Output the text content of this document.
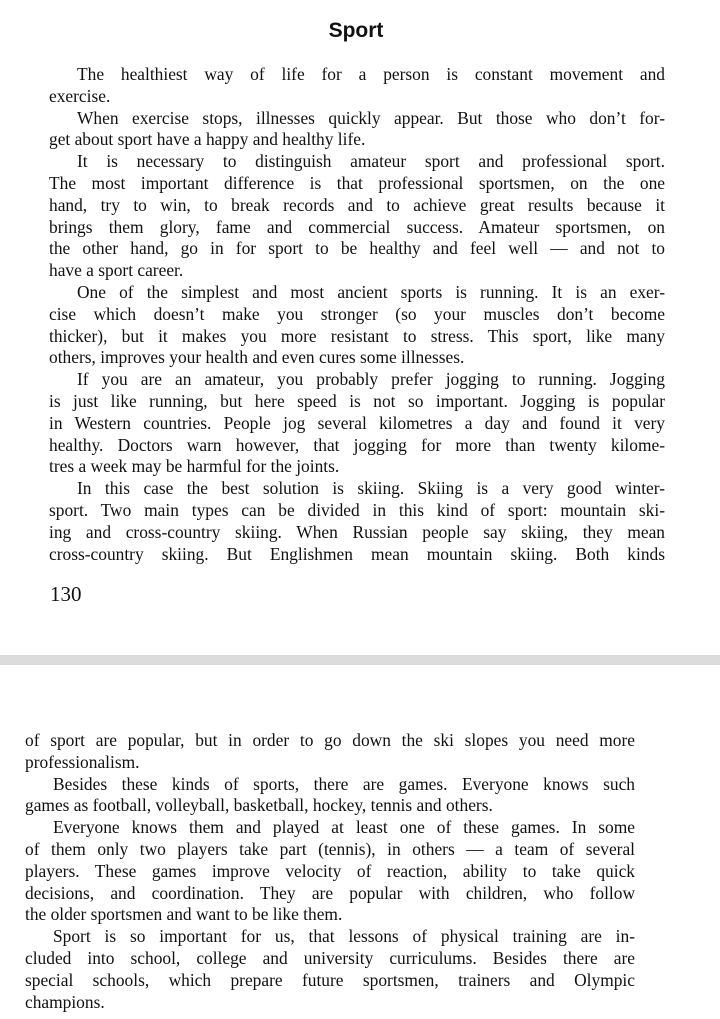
Sport

The healthiest way of life for a person is constant movement and
exercise.

When exercise stops, illnesses quickly appear. But those who don’t for-
get about sport have a happy and healthy life.

It is necessary to distinguish amateur sport and professional sport.
The most important difference is that professional sportsmen, on the one
hand, try to win, to break records and to achieve great results because it
brings them glory, fame and commercial success. Amateur sportsmen, on
the other hand, go in for sport to be healthy and feel well — and not to
have a sport career.

One of the simplest and most ancient sports is running. It is an exer-
cise which doesn’t make you stronger (so your muscles don’t become
thicker), but it makes you more resistant to stress. This sport, like many
others, improves your health and even cures some illnesses.

If you are an amateur, you probably prefer jogging to running. Jogging
is just like running, but here speed is not so important. Jogging is popular
in Western countries. People jog several kilometres a day and found it very
healthy. Doctors warn however, that jogging for more than twenty kilome-
tres a week may be harmful for the joints.

In this case the best solution is skiing. Skiing is a very good winter-
sport. Two main types can be divided in this kind of sport: mountain ski-
ing and cross-country skiing. When Russian people say skiing, they mean
cross-country skiing. But Englishmen mean mountain skiing. Both kinds

130

of sport are popular, but in order to go down the ski slopes you need more
professionalism.

Besides these kinds of sports, there are games. Everyone knows such
games as football, volleyball, basketball, hockey, tennis and others.

Everyone knows them and played at least one of these games. In some
of them only two players take part (tennis), in others — a team of several
players. These games improve velocity of reaction, ability to take quick
decisions, and coordination. They are popular with children, who follow
the older sportsmen and want to be like them.

Sport is so important for us, that lessons of physical training are in-
cluded into school, college and university curriculums. Besides there are
special schools, which prepare future sportsmen, trainers and Olympic
champions.
